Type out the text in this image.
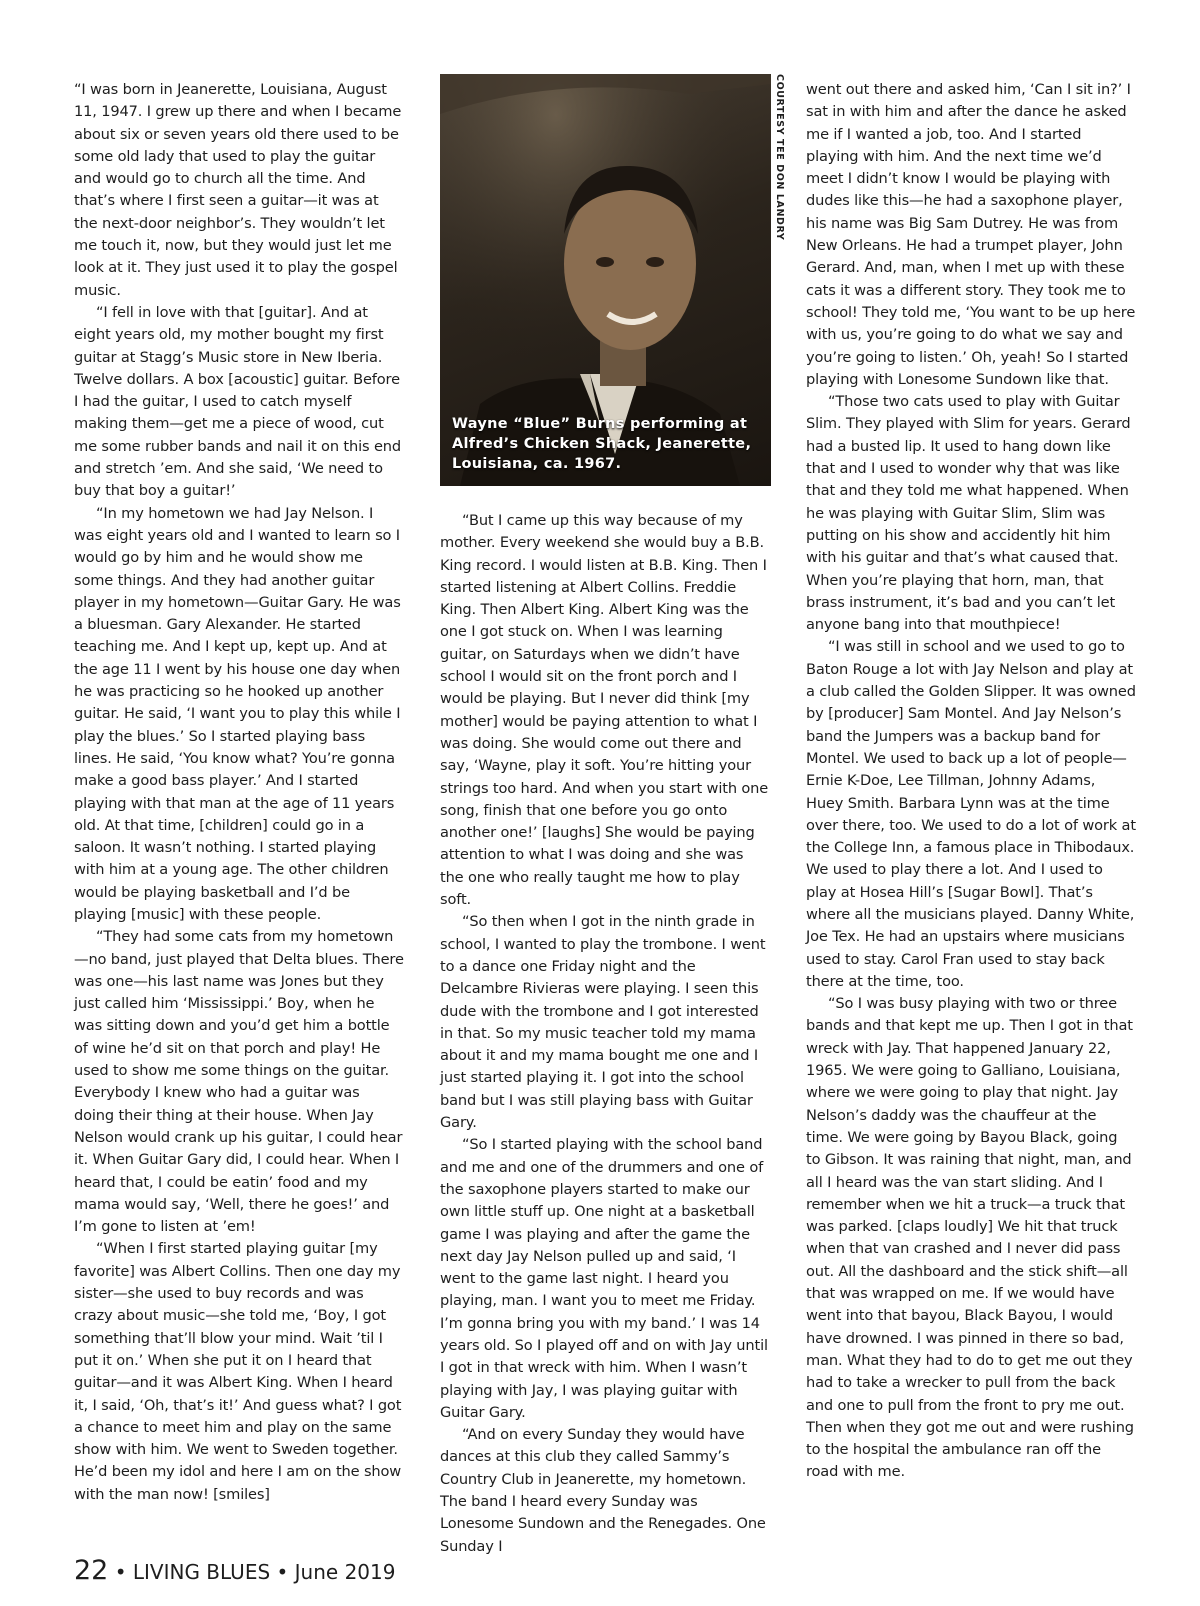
“I was born in Jeanerette, Louisiana, August 11, 1947. I grew up there and when I became about six or seven years old there used to be some old lady that used to play the guitar and would go to church all the time. And that’s where I first seen a guitar—it was at the next-door neighbor’s. They wouldn’t let me touch it, now, but they would just let me look at it. They just used it to play the gospel music.

“I fell in love with that [guitar]. And at eight years old, my mother bought my first guitar at Stagg’s Music store in New Iberia. Twelve dollars. A box [acoustic] guitar. Before I had the guitar, I used to catch myself making them—get me a piece of wood, cut me some rubber bands and nail it on this end and stretch ’em. And she said, ‘We need to buy that boy a guitar!’

“In my hometown we had Jay Nelson. I was eight years old and I wanted to learn so I would go by him and he would show me some things. And they had another guitar player in my hometown—Guitar Gary. He was a bluesman. Gary Alexander. He started teaching me. And I kept up, kept up. And at the age 11 I went by his house one day when he was practicing so he hooked up another guitar. He said, ‘I want you to play this while I play the blues.’ So I started playing bass lines. He said, ‘You know what? You’re gonna make a good bass player.’ And I started playing with that man at the age of 11 years old. At that time, [children] could go in a saloon. It wasn’t nothing. I started playing with him at a young age. The other children would be playing basketball and I’d be playing [music] with these people.

“They had some cats from my hometown—no band, just played that Delta blues. There was one—his last name was Jones but they just called him ‘Mississippi.’ Boy, when he was sitting down and you’d get him a bottle of wine he’d sit on that porch and play! He used to show me some things on the guitar. Everybody I knew who had a guitar was doing their thing at their house. When Jay Nelson would crank up his guitar, I could hear it. When Guitar Gary did, I could hear. When I heard that, I could be eatin’ food and my mama would say, ‘Well, there he goes!’ and I’m gone to listen at ’em!

“When I first started playing guitar [my favorite] was Albert Collins. Then one day my sister—she used to buy records and was crazy about music—she told me, ‘Boy, I got something that’ll blow your mind. Wait ’til I put it on.’ When she put it on I heard that guitar—and it was Albert King. When I heard it, I said, ‘Oh, that’s it!’ And guess what? I got a chance to meet him and play on the same show with him. We went to Sweden together. He’d been my idol and here I am on the show with the man now! [smiles]

Wayne “Blue” Burns performing at Alfred’s Chicken Shack, Jeanerette, Louisiana, ca. 1967.
COURTESY TEE DON LANDRY

“But I came up this way because of my mother. Every weekend she would buy a B.B. King record. I would listen at B.B. King. Then I started listening at Albert Collins. Freddie King. Then Albert King. Albert King was the one I got stuck on. When I was learning guitar, on Saturdays when we didn’t have school I would sit on the front porch and I would be playing. But I never did think [my mother] would be paying attention to what I was doing. She would come out there and say, ‘Wayne, play it soft. You’re hitting your strings too hard. And when you start with one song, finish that one before you go onto another one!’ [laughs] She would be paying attention to what I was doing and she was the one who really taught me how to play soft.

“So then when I got in the ninth grade in school, I wanted to play the trombone. I went to a dance one Friday night and the Delcambre Rivieras were playing. I seen this dude with the trombone and I got interested in that. So my music teacher told my mama about it and my mama bought me one and I just started playing it. I got into the school band but I was still playing bass with Guitar Gary.

“So I started playing with the school band and me and one of the drummers and one of the saxophone players started to make our own little stuff up. One night at a basketball game I was playing and after the game the next day Jay Nelson pulled up and said, ‘I went to the game last night. I heard you playing, man. I want you to meet me Friday. I’m gonna bring you with my band.’ I was 14 years old. So I played off and on with Jay until I got in that wreck with him. When I wasn’t playing with Jay, I was playing guitar with Guitar Gary.

“And on every Sunday they would have dances at this club they called Sammy’s Country Club in Jeanerette, my hometown. The band I heard every Sunday was Lonesome Sundown and the Renegades. One Sunday I

went out there and asked him, ‘Can I sit in?’ I sat in with him and after the dance he asked me if I wanted a job, too. And I started playing with him. And the next time we’d meet I didn’t know I would be playing with dudes like this—he had a saxophone player, his name was Big Sam Dutrey. He was from New Orleans. He had a trumpet player, John Gerard. And, man, when I met up with these cats it was a different story. They took me to school! They told me, ‘You want to be up here with us, you’re going to do what we say and you’re going to listen.’ Oh, yeah! So I started playing with Lonesome Sundown like that.

“Those two cats used to play with Guitar Slim. They played with Slim for years. Gerard had a busted lip. It used to hang down like that and I used to wonder why that was like that and they told me what happened. When he was playing with Guitar Slim, Slim was putting on his show and accidently hit him with his guitar and that’s what caused that. When you’re playing that horn, man, that brass instrument, it’s bad and you can’t let anyone bang into that mouthpiece!

“I was still in school and we used to go to Baton Rouge a lot with Jay Nelson and play at a club called the Golden Slipper. It was owned by [producer] Sam Montel. And Jay Nelson’s band the Jumpers was a backup band for Montel. We used to back up a lot of people—Ernie K-Doe, Lee Tillman, Johnny Adams, Huey Smith. Barbara Lynn was at the time over there, too. We used to do a lot of work at the College Inn, a famous place in Thibodaux. We used to play there a lot. And I used to play at Hosea Hill’s [Sugar Bowl]. That’s where all the musicians played. Danny White, Joe Tex. He had an upstairs where musicians used to stay. Carol Fran used to stay back there at the time, too.

“So I was busy playing with two or three bands and that kept me up. Then I got in that wreck with Jay. That happened January 22, 1965. We were going to Galliano, Louisiana, where we were going to play that night. Jay Nelson’s daddy was the chauffeur at the time. We were going by Bayou Black, going to Gibson. It was raining that night, man, and all I heard was the van start sliding. And I remember when we hit a truck—a truck that was parked. [claps loudly] We hit that truck when that van crashed and I never did pass out. All the dashboard and the stick shift—all that was wrapped on me. If we would have went into that bayou, Black Bayou, I would have drowned. I was pinned in there so bad, man. What they had to do to get me out they had to take a wrecker to pull from the back and one to pull from the front to pry me out. Then when they got me out and were rushing to the hospital the ambulance ran off the road with me.

22 • LIVING BLUES • June 2019
